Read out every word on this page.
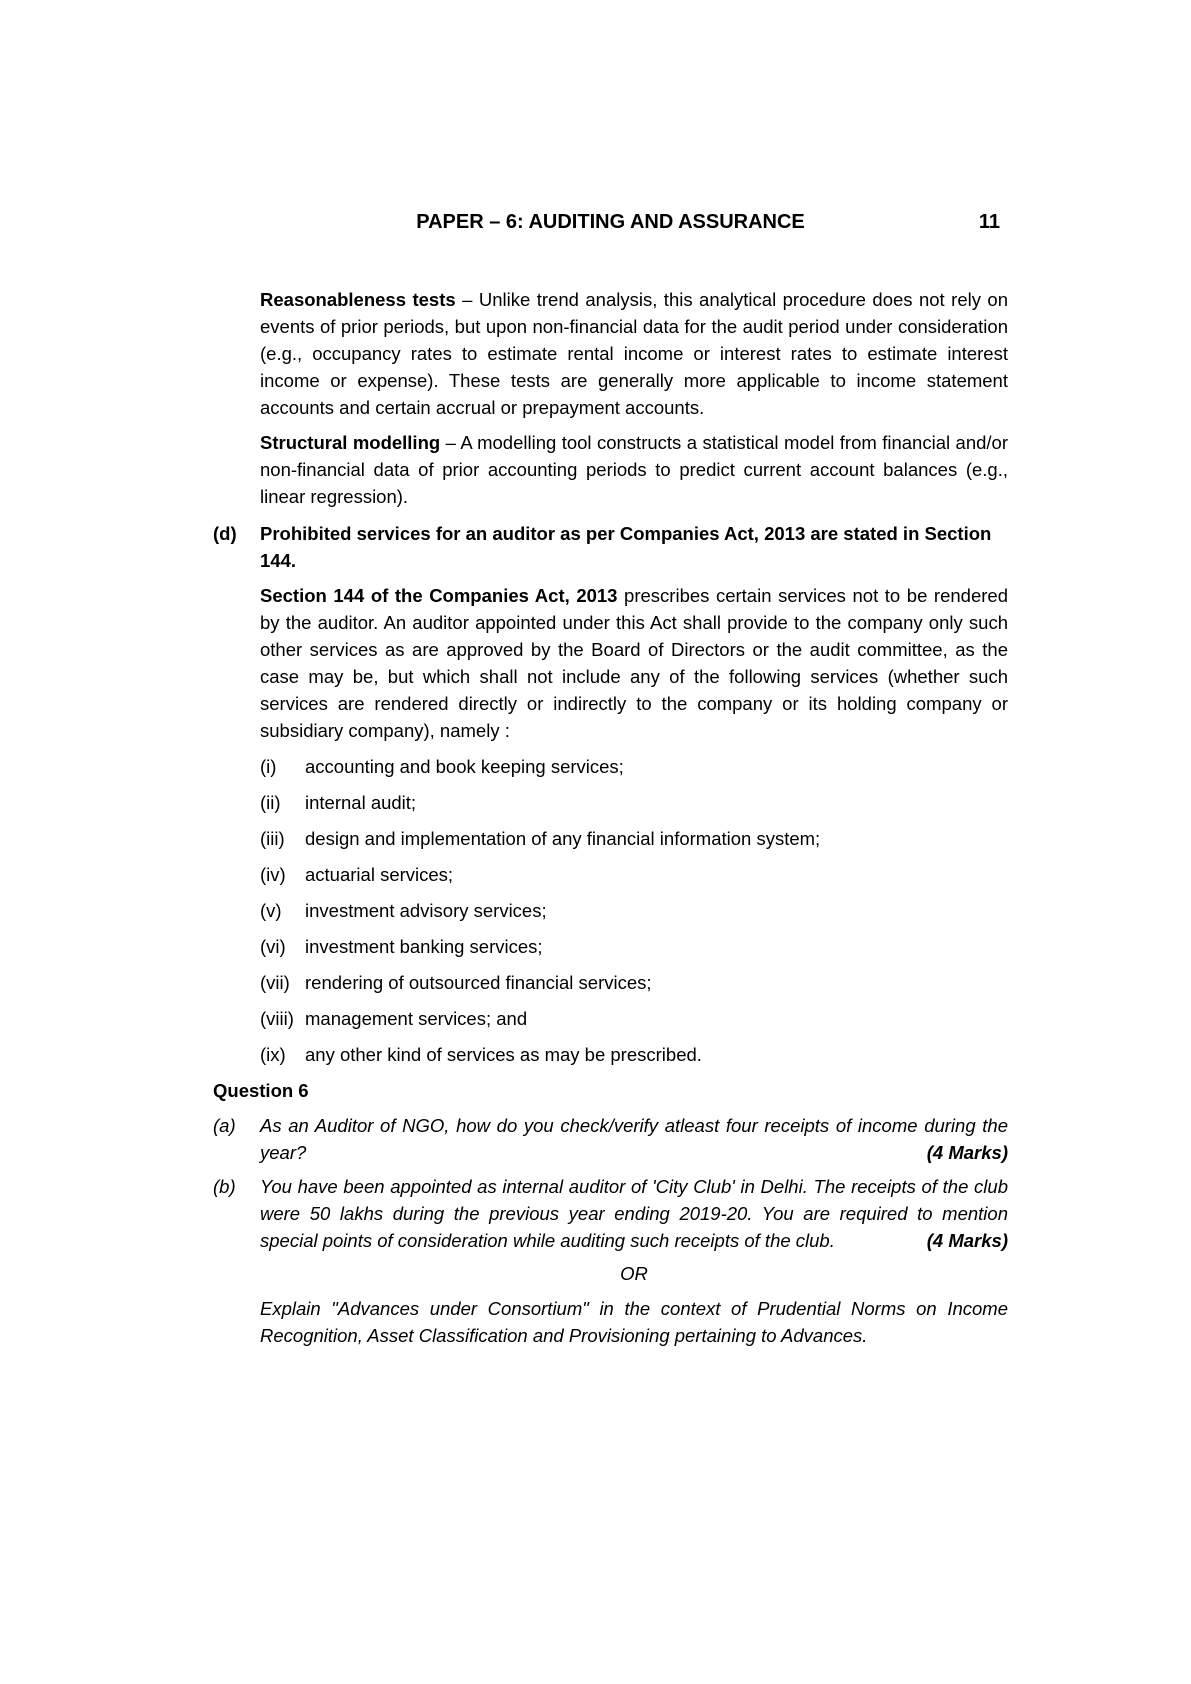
PAPER – 6: AUDITING AND ASSURANCE	11

Reasonableness tests – Unlike trend analysis, this analytical procedure does not rely on events of prior periods, but upon non-financial data for the audit period under consideration (e.g., occupancy rates to estimate rental income or interest rates to estimate interest income or expense). These tests are generally more applicable to income statement accounts and certain accrual or prepayment accounts.

Structural modelling – A modelling tool constructs a statistical model from financial and/or non-financial data of prior accounting periods to predict current account balances (e.g., linear regression).

(d) Prohibited services for an auditor as per Companies Act, 2013 are stated in Section 144.

Section 144 of the Companies Act, 2013 prescribes certain services not to be rendered by the auditor. An auditor appointed under this Act shall provide to the company only such other services as are approved by the Board of Directors or the audit committee, as the case may be, but which shall not include any of the following services (whether such services are rendered directly or indirectly to the company or its holding company or subsidiary company), namely :

(i) accounting and book keeping services;
(ii) internal audit;
(iii) design and implementation of any financial information system;
(iv) actuarial services;
(v) investment advisory services;
(vi) investment banking services;
(vii) rendering of outsourced financial services;
(viii) management services; and
(ix) any other kind of services as may be prescribed.
Question 6
(a) As an Auditor of NGO, how do you check/verify atleast four receipts of income during the year?	(4 Marks)
(b) You have been appointed as internal auditor of 'City Club' in Delhi. The receipts of the club were 50 lakhs during the previous year ending 2019-20. You are required to mention special points of consideration while auditing such receipts of the club.	(4 Marks)
OR

Explain "Advances under Consortium" in the context of Prudential Norms on Income Recognition, Asset Classification and Provisioning pertaining to Advances.
